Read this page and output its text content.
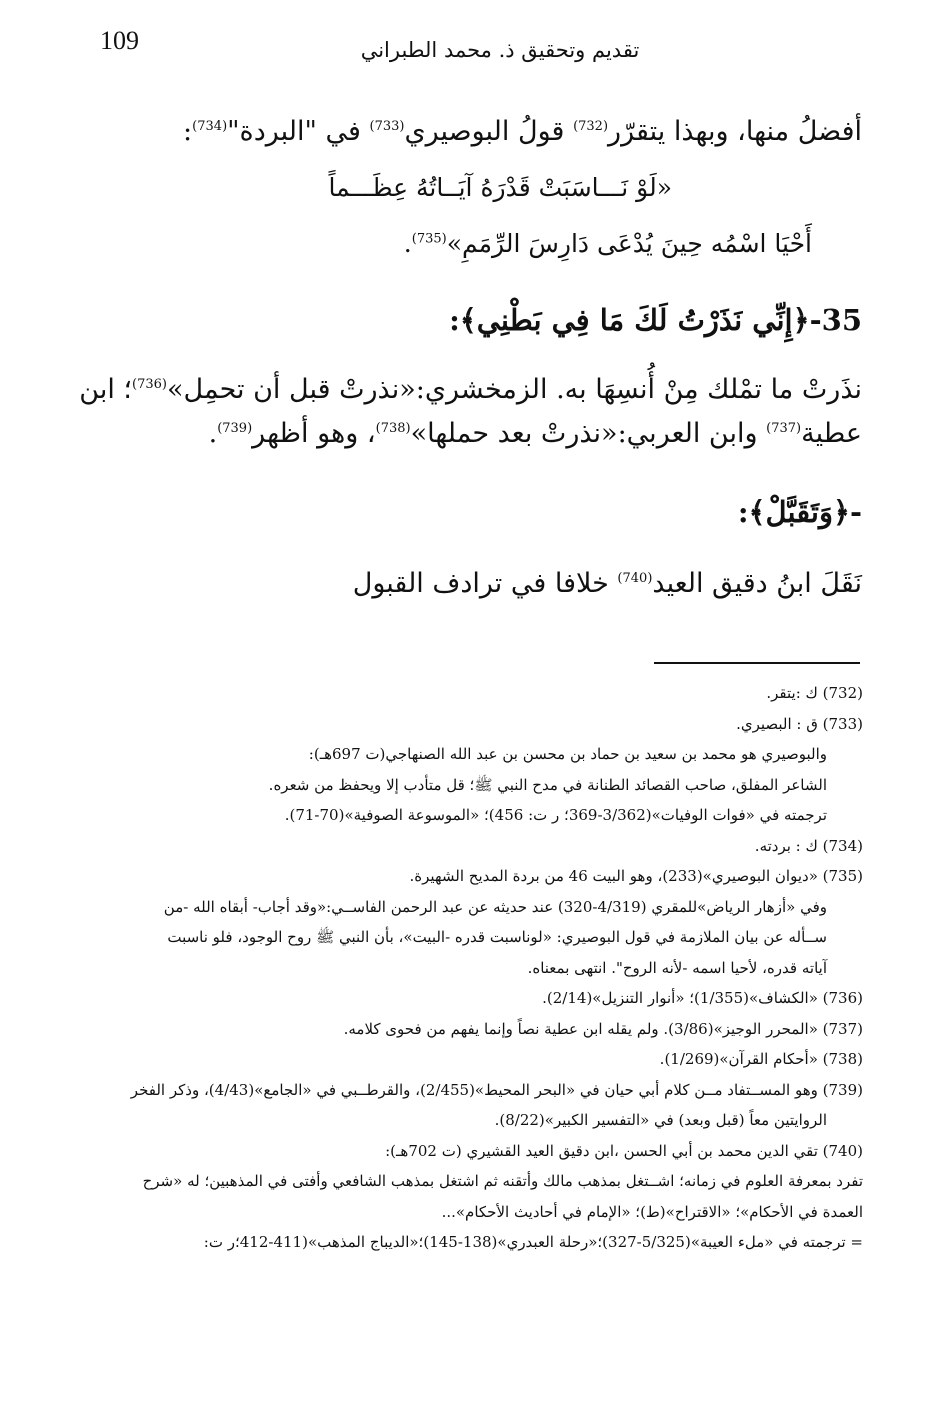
109	تقديم وتحقيق ذ. محمد الطبراني
أفضلُ منها، وبهذا يتقرّر$^{(732)}$ قولُ البوصيري$^{(733)}$ في "البردة"$^{(734)}$:
«لَوْ نَـــاسَبَتْ قَدْرَهُ آيَــاتُهُ عِظَـــماً
أَحْيَا اسْمُه حِينَ يُدْعَى دَارِسَ الرِّمَمِ»$^{(735)}$.
35-﴿إِنِّي نَذَرْتُ لَكَ مَا فِي بَطْنِي﴾:
نذَرتْ ما تمْلك مِنْ أُنسِهَا به. الزمخشري:«نذرتْ قبل أن تحمِل»$^{(736)}$؛ ابن
عطية$^{(737)}$ وابن العربي:«نذرتْ بعد حملها»$^{(738)}$، وهو أظهر$^{(739)}$.
-﴿وَتَقَبَّلْ﴾:
نَقَلَ ابنُ دقيق العيد$^{(740)}$ خلافا في ترادف القبول
(732) ك :يتقر.
(733) ق : البصيري.
والبوصيري هو محمد بن سعيد بن حماد بن محسن بن عبد الله الصنهاجي(ت 697هـ):
الشاعر المفلق، صاحب القصائد الطنانة في مدح النبي ﷺ؛ قل متأدب إلا ويحفظ من شعره.
ترجمته في «فوات الوفيات»(3/362-369؛ ر ت: 456)؛ «الموسوعة الصوفية»(70-71).
(734) ك : بردته.
(735) «ديوان البوصيري»(233)، وهو البيت 46 من بردة المديح الشهيرة.
وفي «أزهار الرياض»للمقري (4/319-320) عند حديثه عن عبد الرحمن الفاســي:«وقد أجاب- أبقاه الله -من
ســأله عن بيان الملازمة في قول البوصيري: «لوناسبت قدره -البيت»، بأن النبي ﷺ روح الوجود، فلو ناسبت
آياته قدره، لأحيا اسمه -لأنه الروح". انتهى بمعناه.
(736) «الكشاف»(1/355)؛ «أنوار التنزيل»(2/14).
(737) «المحرر الوجيز»(3/86). ولم يقله ابن عطية نصاً وإنما يفهم من فحوى كلامه.
(738) «أحكام القرآن»(1/269).
(739) وهو المســتفاد مــن كلام أبي حيان في «البحر المحيط»(2/455)، والقرطــبي في «الجامع»(4/43)، وذكر الفخر
الروايتين معاً (قبل وبعد) في «التفسير الكبير»(8/22).
(740) تقي الدين محمد بن أبي الحسن ،ابن دقيق العيد القشيري (ت 702هـ):
تفرد بمعرفة العلوم في زمانه؛ اشــتغل بمذهب مالك وأتقنه ثم اشتغل بمذهب الشافعي وأفتى في المذهبين؛ له «شرح
العمدة في الأحكام»؛ «الاقتراح»(ط)؛ «الإمام في أحاديث الأحكام»...
= ترجمته في «ملء العيبة»(5/325-327)؛«رحلة العبدري»(138-145)؛«الديباج المذهب»(411-412؛ر ت:
